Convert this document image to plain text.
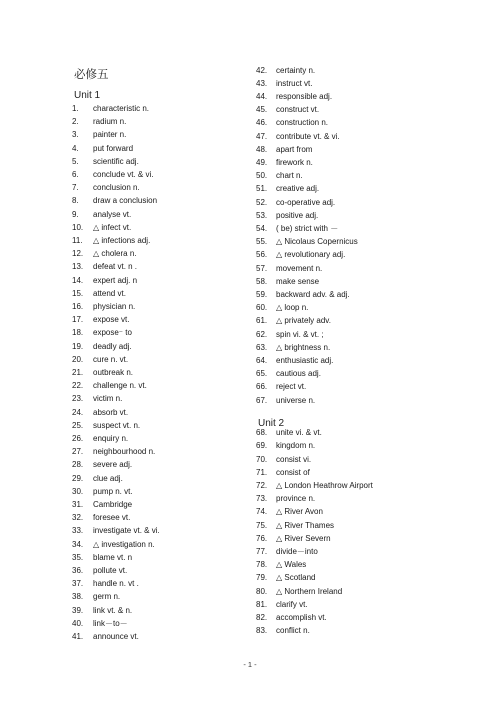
必修五
Unit 1
1. characteristic n.
2. radium n.
3. painter n.
4. put forward
5. scientific adj.
6. conclude vt. & vi.
7. conclusion n.
8. draw a conclusion
9. analyse vt.
10. △ infect vt.
11. △ infections adj.
12. △ cholera n.
13. defeat vt. n .
14. expert adj. n
15. attend vt.
16. physician n.
17. expose vt.
18. expose⁻ to
19. deadly adj.
20. cure n. vt.
21. outbreak n.
22. challenge n. vt.
23. victim n.
24. absorb vt.
25. suspect vt. n.
26. enquiry n.
27. neighbourhood n.
28. severe adj.
29. clue adj.
30. pump n. vt.
31. Cambridge
32. foresee vt.
33. investigate vt. & vi.
34. △ investigation n.
35. blame vt. n
36. pollute vt.
37. handle n. vt .
38. germ n.
39. link vt. & n.
40. link－to－
41. announce vt.
Unit 2
42. certainty n.
43. instruct vt.
44. responsible adj.
45. construct vt.
46. construction n.
47. contribute vt. & vi.
48. apart from
49. firework n.
50. chart n.
51. creative adj.
52. co-operative adj.
53. positive adj.
54. ( be) strict with －
55. △ Nicolaus Copernicus
56. △ revolutionary adj.
57. movement n.
58. make sense
59. backward adv. & adj.
60. △ loop n.
61. △ privately adv.
62. spin vi. & vt. ;
63. △ brightness n.
64. enthusiastic adj.
65. cautious adj.
66. reject vt.
67. universe n.
68. unite vi. & vt.
69. kingdom n.
70. consist vi.
71. consist of
72. △ London Heathrow Airport
73. province n.
74. △ River Avon
75. △ River Thames
76. △ River Severn
77. divide－into
78. △ Wales
79. △ Scotland
80. △ Northern Ireland
81. clarify vt.
82. accomplish vt.
83. conflict n.
- 1 -
